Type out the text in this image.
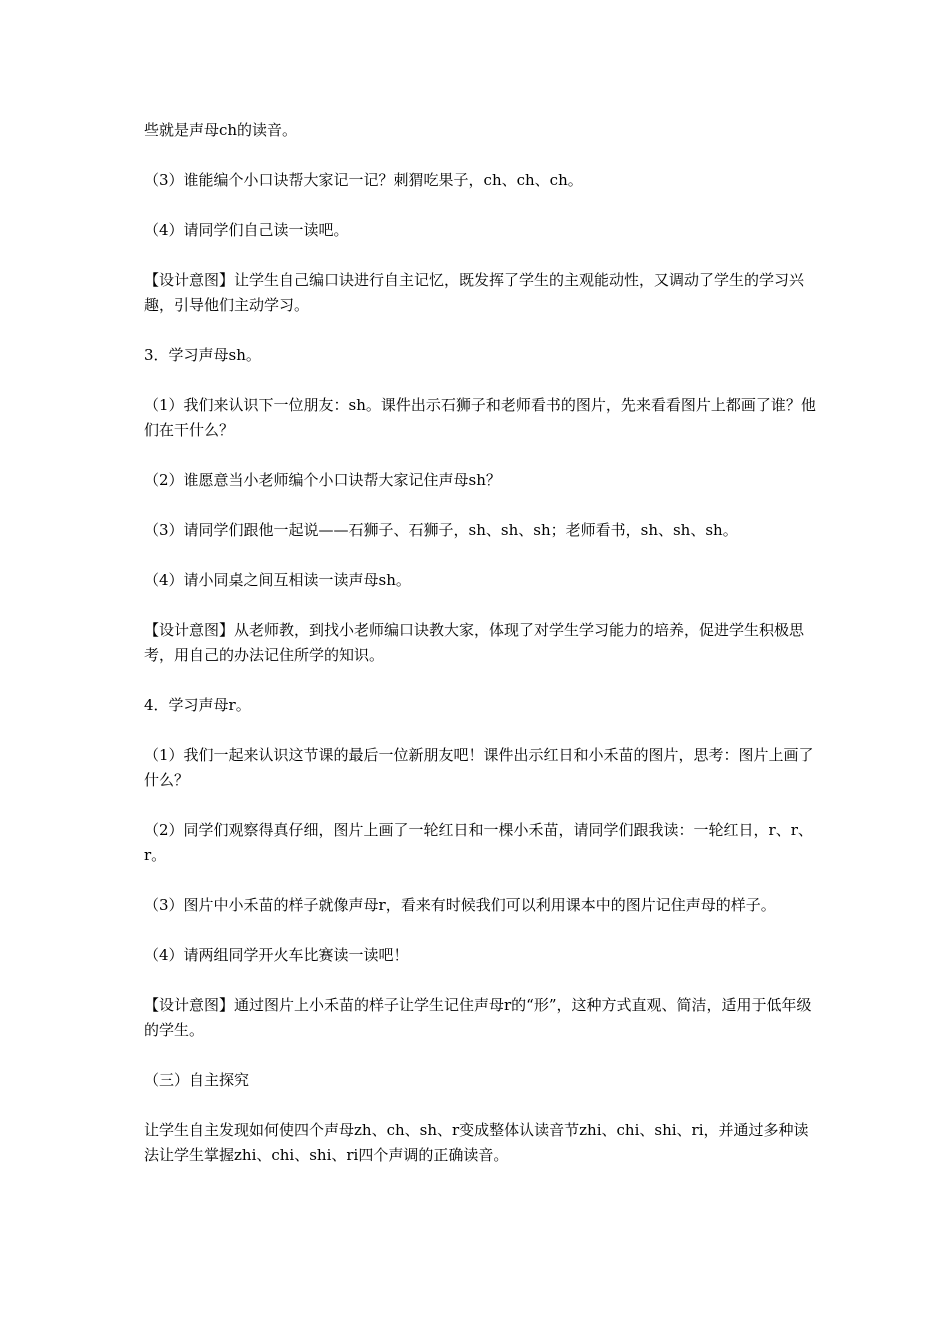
些就是声母ch的读音。

（3）谁能编个小口诀帮大家记一记？刺猬吃果子，ch、ch、ch。

（4）请同学们自己读一读吧。

【设计意图】让学生自己编口诀进行自主记忆，既发挥了学生的主观能动性，又调动了学生的学习兴趣，引导他们主动学习。

3．学习声母sh。

（1）我们来认识下一位朋友：sh。课件出示石狮子和老师看书的图片，先来看看图片上都画了谁？他们在干什么？

（2）谁愿意当小老师编个小口诀帮大家记住声母sh？

（3）请同学们跟他一起说——石狮子、石狮子，sh、sh、sh；老师看书，sh、sh、sh。

（4）请小同桌之间互相读一读声母sh。

【设计意图】从老师教，到找小老师编口诀教大家，体现了对学生学习能力的培养，促进学生积极思考，用自己的办法记住所学的知识。

4．学习声母r。

（1）我们一起来认识这节课的最后一位新朋友吧！课件出示红日和小禾苗的图片，思考：图片上画了什么？

（2）同学们观察得真仔细，图片上画了一轮红日和一棵小禾苗，请同学们跟我读：一轮红日，r、r、r。

（3）图片中小禾苗的样子就像声母r，看来有时候我们可以利用课本中的图片记住声母的样子。

（4）请两组同学开火车比赛读一读吧！

【设计意图】通过图片上小禾苗的样子让学生记住声母r的“形”，这种方式直观、简洁，适用于低年级的学生。

（三）自主探究

让学生自主发现如何使四个声母zh、ch、sh、r变成整体认读音节zhi、chi、shi、ri，并通过多种读法让学生掌握zhi、chi、shi、ri四个声调的正确读音。
